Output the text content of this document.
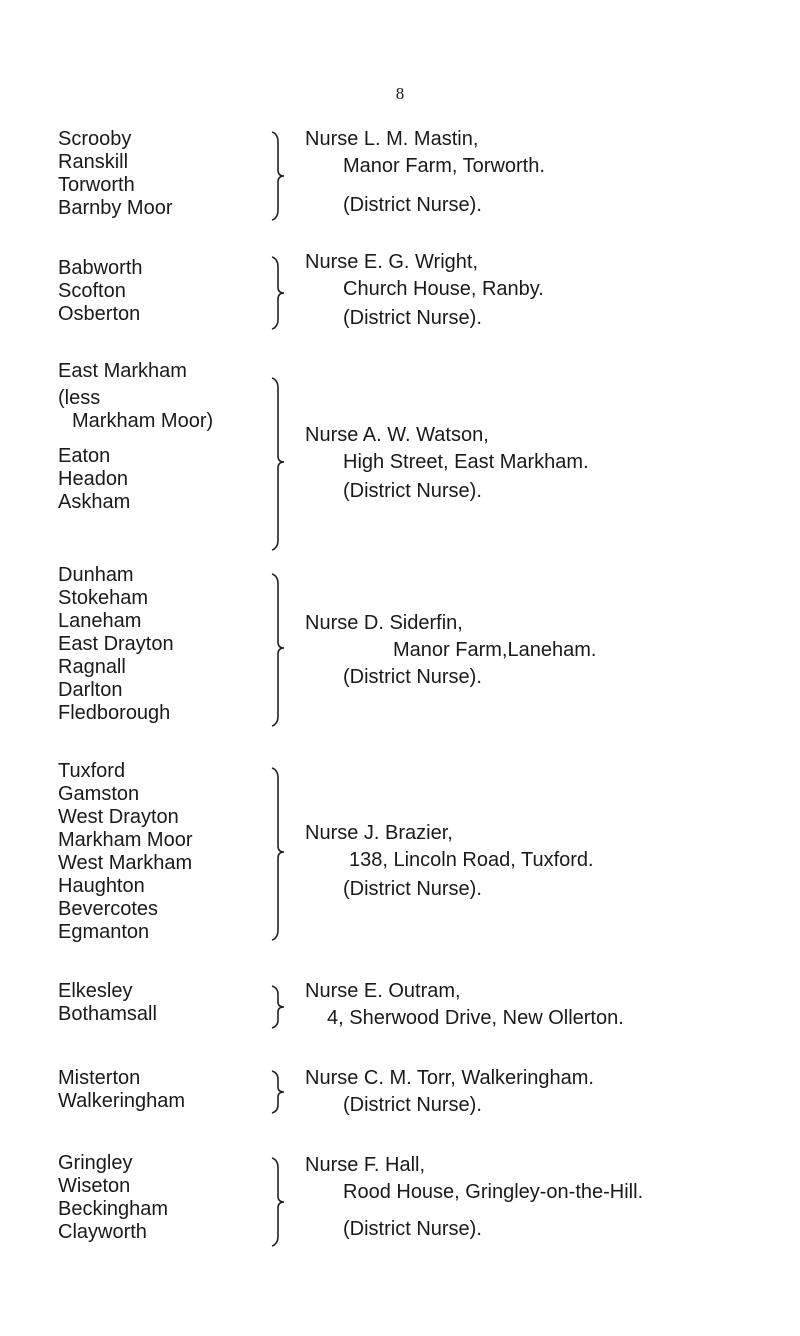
8
Scrooby
Ranskill
Torworth
Barnby Moor
Nurse L. M. Mastin,
Manor Farm, Torworth.
(District Nurse).
Babworth
Scofton
Osberton
Nurse E. G. Wright,
Church House, Ranby.
(District Nurse).
East Markham
(less
Markham Moor)
Eaton
Headon
Askham
Nurse A. W. Watson,
High Street, East Markham.
(District Nurse).
Dunham
Stokeham
Laneham
East Drayton
Ragnall
Darlton
Fledborough
Nurse D. Siderfin,
Manor Farm,Laneham.
(District Nurse).
Tuxford
Gamston
West Drayton
Markham Moor
West Markham
Haughton
Bevercotes
Egmanton
Nurse J. Brazier,
138, Lincoln Road, Tuxford.
(District Nurse).
Elkesley
Bothamsall
Nurse E. Outram,
4, Sherwood Drive, New Ollerton.
Misterton
Walkeringham
Nurse C. M. Torr, Walkeringham.
(District Nurse).
Gringley
Wiseton
Beckingham
Clayworth
Nurse F. Hall,
Rood House, Gringley-on-the-Hill.
(District Nurse).
